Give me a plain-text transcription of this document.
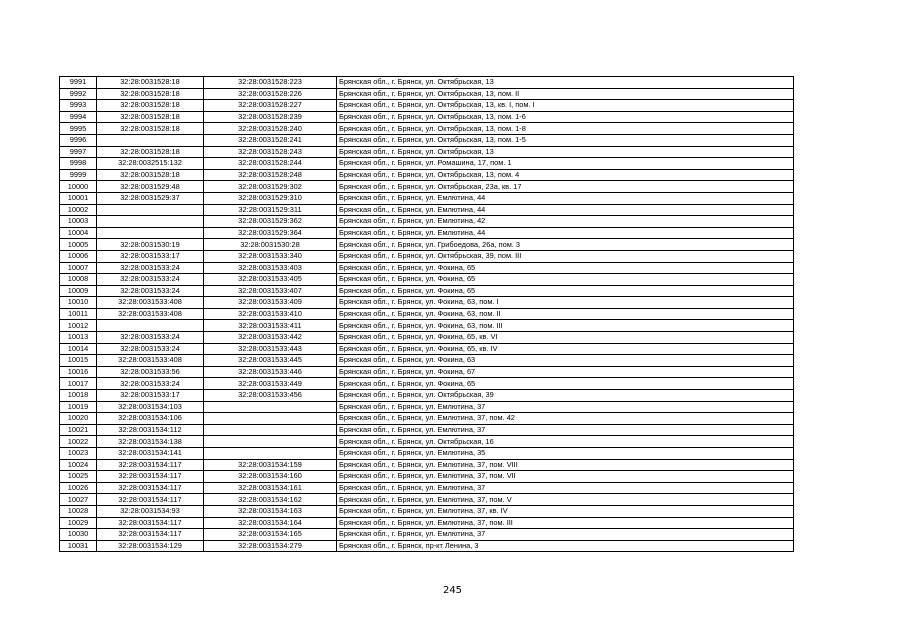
9991	32:28:0031528:18	32:28:0031528:223	Брянская обл., г. Брянск, ул. Октябрьская, 13
9992	32:28:0031528:18	32:28:0031528:226	Брянская обл., г. Брянск, ул. Октябрьская, 13, пом. II
9993	32:28:0031528:18	32:28:0031528:227	Брянская обл., г. Брянск, ул. Октябрьская, 13, кв. I, пом. I
9994	32:28:0031528:18	32:28:0031528:239	Брянская обл., г. Брянск, ул. Октябрьская, 13, пом. 1-6
9995	32:28:0031528:18	32:28:0031528:240	Брянская обл., г. Брянск, ул. Октябрьская, 13, пом. 1-8
9996		32:28:0031528:241	Брянская обл., г. Брянск, ул. Октябрьская, 13, пом. 1-5
9997	32:28:0031528:18	32:28:0031528:243	Брянская обл., г. Брянск, ул. Октябрьская, 13
9998	32:28:0032515:132	32:28:0031528:244	Брянская обл., г. Брянск, ул. Ромашина, 17, пом. 1
9999	32:28:0031528:18	32:28:0031528:248	Брянская обл., г. Брянск, ул. Октябрьская, 13, пом. 4
10000	32:28:0031529:48	32:28:0031529:302	Брянская обл., г. Брянск, ул. Октябрьская, 23а, кв. 17
10001	32:28:0031529:37	32:28:0031529:310	Брянская обл., г. Брянск, ул. Емлютина, 44
10002		32:28:0031529:311	Брянская обл., г. Брянск, ул. Емлютина, 44
10003		32:28:0031529:362	Брянская обл., г. Брянск, ул. Емлютина, 42
10004		32:28:0031529:364	Брянская обл., г. Брянск, ул. Емлютина, 44
10005	32:28:0031530:19	32:28:0031530:28	Брянская обл., г. Брянск, ул. Грибоедова, 26а, пом. 3
10006	32:28:0031533:17	32:28:0031533:340	Брянская обл., г. Брянск, ул. Октябрьская, 39, пом. III
10007	32:28:0031533:24	32:28:0031533:403	Брянская обл., г. Брянск, ул. Фокина, 65
10008	32:28:0031533:24	32:28:0031533:405	Брянская обл., г. Брянск, ул. Фокина, 65
10009	32:28:0031533:24	32:28:0031533:407	Брянская обл., г. Брянск, ул. Фокина, 65
10010	32:28:0031533:408	32:28:0031533:409	Брянская обл., г. Брянск, ул. Фокина, 63, пом. I
10011	32:28:0031533:408	32:28:0031533:410	Брянская обл., г. Брянск, ул. Фокина, 63, пом. II
10012		32:28:0031533:411	Брянская обл., г. Брянск, ул. Фокина, 63, пом. III
10013	32:28:0031533:24	32:28:0031533:442	Брянская обл., г. Брянск, ул. Фокина, 65, кв. VI
10014	32:28:0031533:24	32:28:0031533:443	Брянская обл., г. Брянск, ул. Фокина, 65, кв. IV
10015	32:28:0031533:408	32:28:0031533:445	Брянская обл., г. Брянск, ул. Фокина, 63
10016	32:28:0031533:56	32:28:0031533:446	Брянская обл., г. Брянск, ул. Фокина, 67
10017	32:28:0031533:24	32:28:0031533:449	Брянская обл., г. Брянск, ул. Фокина, 65
10018	32:28:0031533:17	32:28:0031533:456	Брянская обл., г. Брянск, ул. Октябрьская, 39
10019	32:28:0031534:103		Брянская обл., г. Брянск, ул. Емлютина, 37
10020	32:28:0031534:106		Брянская обл., г. Брянск, ул. Емлютина, 37, пом. 42
10021	32:28:0031534:112		Брянская обл., г. Брянск, ул. Емлютина, 37
10022	32:28:0031534:138		Брянская обл., г. Брянск, ул. Октябрьская, 16
10023	32:28:0031534:141		Брянская обл., г. Брянск, ул. Емлютина, 35
10024	32:28:0031534:117	32:28:0031534:159	Брянская обл., г. Брянск, ул. Емлютина, 37, пом. VIII
10025	32:28:0031534:117	32:28:0031534:160	Брянская обл., г. Брянск, ул. Емлютина, 37, пом. VII
10026	32:28:0031534:117	32:28:0031534:161	Брянская обл., г. Брянск, ул. Емлютина, 37
10027	32:28:0031534:117	32:28:0031534:162	Брянская обл., г. Брянск, ул. Емлютина, 37, пом. V
10028	32:28:0031534:93	32:28:0031534:163	Брянская обл., г. Брянск, ул. Емлютина, 37, кв. IV
10029	32:28:0031534:117	32:28:0031534:164	Брянская обл., г. Брянск, ул. Емлютина, 37, пом. III
10030	32:28:0031534:117	32:28:0031534:165	Брянская обл., г. Брянск, ул. Емлютина, 37
10031	32:28:0031534:129	32:28:0031534:279	Брянская обл., г. Брянск, пр-кт Ленина, 3
245
